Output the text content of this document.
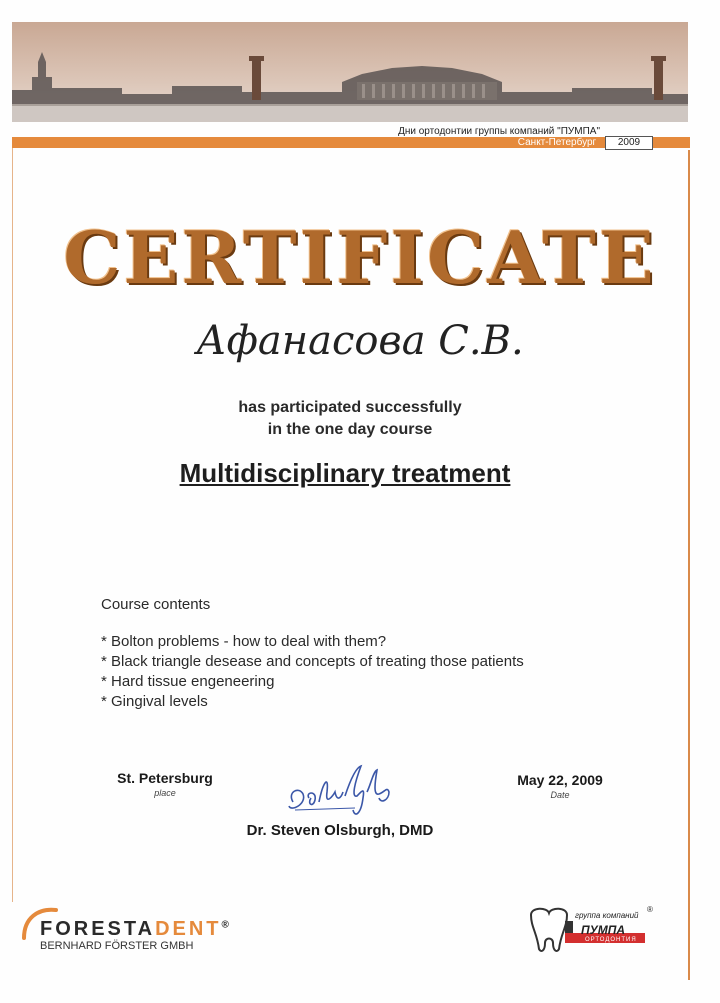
Дни ортодонтии группы компаний "ПУМПА"
Санкт-Петербург	2009
CERTIFICATE
Афанасова С.В.
has participated successfully
in the one day course
Multidisciplinary treatment
Course contents
* Bolton problems - how to deal with them?
* Black triangle desease and concepts of treating those patients
* Hard tissue engeneering
* Gingival levels
St. Petersburg
place
May 22, 2009
Date
Dr. Steven Olsburgh, DMD
FORESTADENT®
BERNHARD FÖRSTER GMBH
группа компаний
ПУМПА
ОРТОДОНТИЯ
®
